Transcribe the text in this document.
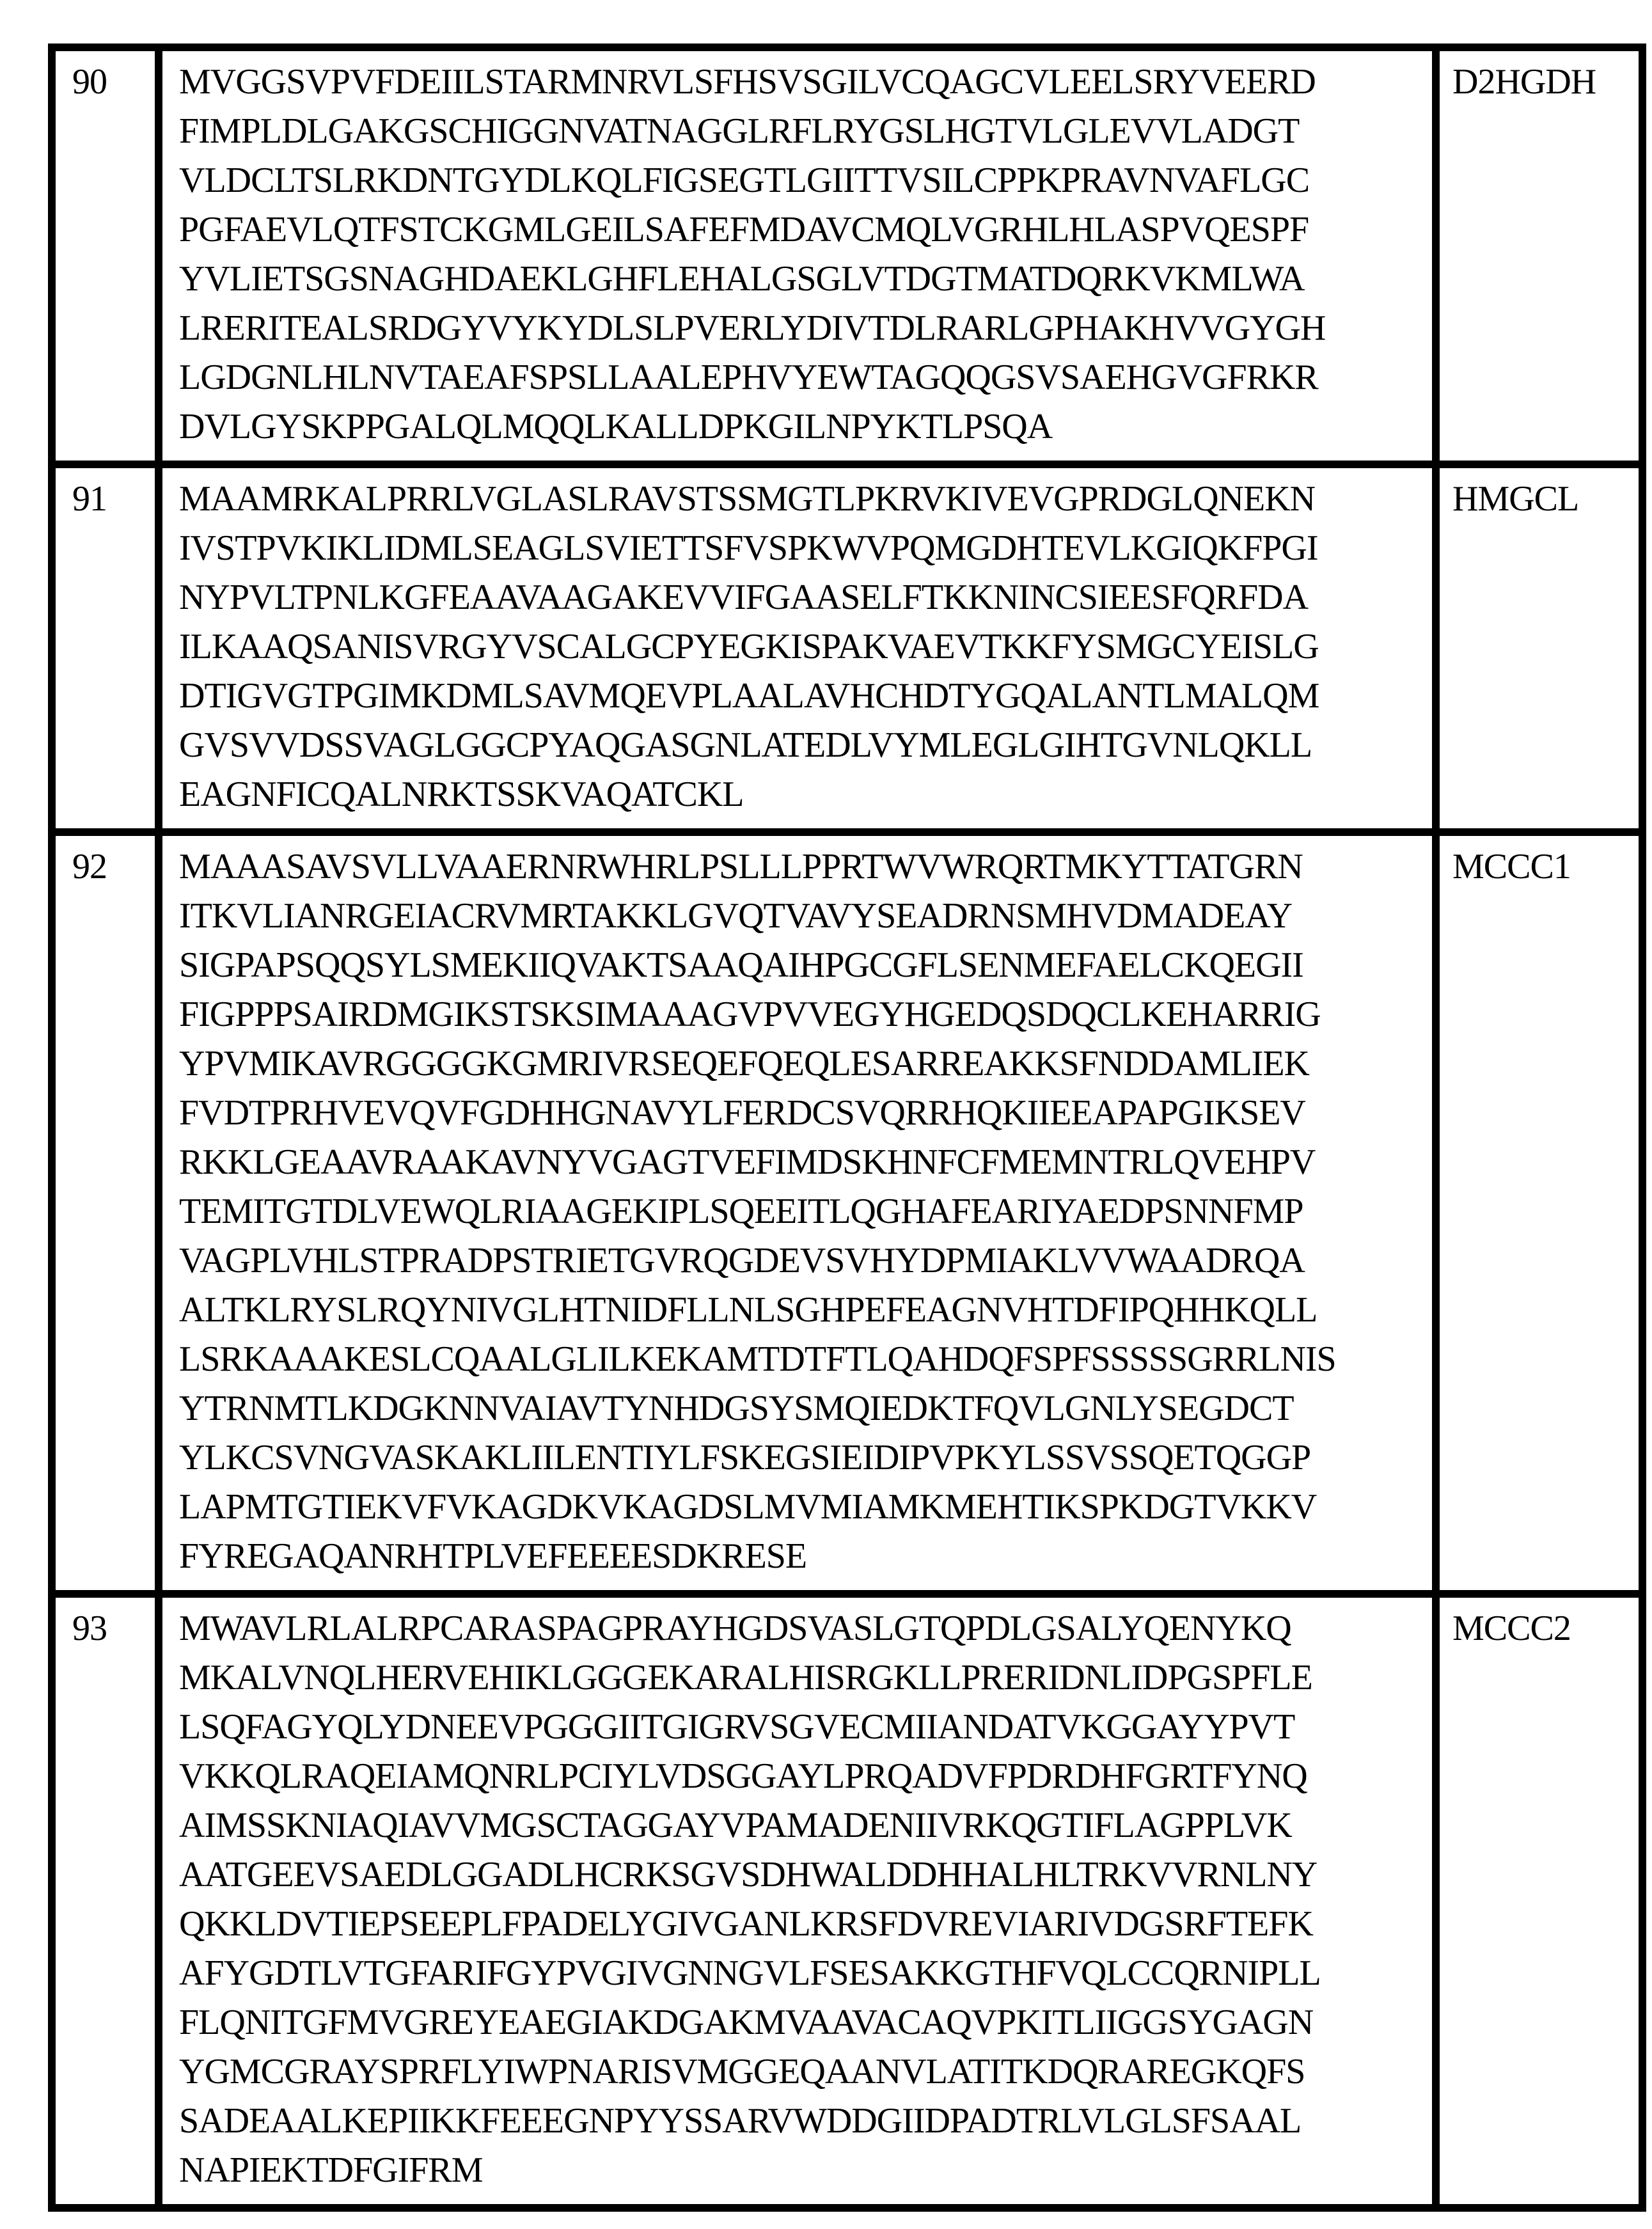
90	MVGGSVPVFDEIILSTARMNRVLSFHSVSGILVCQAGCVLEELSRYVEERD
FIMPLDLGAKGSCHIGGNVATNAGGLRFLRYGSLHGTVLGLEVVLADGT
VLDCLTSLRKDNTGYDLKQLFIGSEGTLGIITTVSILCPPKPRAVNVAFLGC
PGFAEVLQTFSTCKGMLGEILSAFEFMDAVCMQLVGRHLHLASPVQESPF
YVLIETSGSNAGHDAEKLGHFLEHALGSGLVTDGTMATDQRKVKMLWA
LRERITEALSRDGYVYKYDLSLPVERLYDIVTDLRARLGPHAKHVVGYGH
LGDGNLHLNVTAEAFSPSLLAALEPHVYEWTAGQQGSVSAEHGVGFRKR
DVLGYSKPPGALQLMQQLKALLDPKGILNPYKTLPSQA	D2HGDH
91	MAAMRKALPRRLVGLASLRAVSTSSMGTLPKRVKIVEVGPRDGLQNEKN
IVSTPVKIKLIDMLSEAGLSVIETTSFVSPKWVPQMGDHTEVLKGIQKFPGI
NYPVLTPNLKGFEAAVAAGAKEVVIFGAASELFTKKNINCSIEESFQRFDA
ILKAAQSANISVRGYVSCALGCPYEGKISPAKVAEVTKKFYSMGCYEISLG
DTIGVGTPGIMKDMLSAVMQEVPLAALAVHCHDTYGQALANTLMALQM
GVSVVDSSVAGLGGCPYAQGASGNLATEDLVYMLEGLGIHTGVNLQKLL
EAGNFICQALNRKTSSKVAQATCKL	HMGCL
92	MAAASAVSVLLVAAERNRWHRLPSLLLPPRTWVWRQRTMKYTTATGRN
ITKVLIANRGEIACRVMRTAKKLGVQTVAVYSEADRNSMHVDMADEAY
SIGPAPSQQSYLSMEKIIQVAKTSAAQAIHPGCGFLSENMEFAELCKQEGII
FIGPPPSAIRDMGIKSTSKSIMAAAGVPVVEGYHGEDQSDQCLKEHARRIG
YPVMIKAVRGGGGKGMRIVRSEQEFQEQLESARREAKKSFNDDAMLIEK
FVDTPRHVEVQVFGDHHGNAVYLFERDCSVQRRHQKIIEEAPAPGIKSEV
RKKLGEAAVRAAKAVNYVGAGTVEFIMDSKHNFCFMEMNTRLQVEHPV
TEMITGTDLVEWQLRIAAGEKIPLSQEEITLQGHAFEARIYAEDPSNNFMP
VAGPLVHLSTPRADPSTRIETGVRQGDEVSVHYDPMIAKLVVWAADRQA
ALTKLRYSLRQYNIVGLHTNIDFLLNLSGHPEFEAGNVHTDFIPQHHKQLL
LSRKAAAKESLCQAALGLILKEKAMTDTFTLQAHDQFSPFSSSSSGRRLNIS
YTRNMTLKDGKNNVAIAVTYNHDGSYSMQIEDKTFQVLGNLYSEGDCT
YLKCSVNGVASKAKLIILENTIYLFSKEGSIEIDIPVPKYLSSVSSQETQGGP
LAPMTGTIEKVFVKAGDKVKAGDSLMVMIAMKMEHTIKSPKDGTVKKV
FYREGAQANRHTPLVEFEEEESDKRESE	MCCC1
93	MWAVLRLALRPCARASPAGPRAYHGDSVASLGTQPDLGSALYQENYKQ
MKALVNQLHERVEHIKLGGGEKARALHISRGKLLPRERIDNLIDPGSPFLE
LSQFAGYQLYDNEEVPGGGIITGIGRVSGVECMIIANDATVKGGAYYPVT
VKKQLRAQEIAMQNRLPCIYLVDSGGAYLPRQADVFPDRDHFGRTFYNQ
AIMSSKNIAQIAVVMGSCTAGGAYVPAMADENIIVRKQGTIFLAGPPLVK
AATGEEVSAEDLGGADLHCRKSGVSDHWALDDHHALHLTRKVVRNLNY
QKKLDVTIEPSEEPLFPADELYGIVGANLKRSFDVREVIARIVDGSRFTEFK
AFYGDTLVTGFARIFGYPVGIVGNNGVLFSESAKKGTHFVQLCCQRNIPLL
FLQNITGFMVGREYEAEGIAKDGAKMVAAVACAQVPKITLIIGGSYGAGN
YGMCGRAYSPRFLYIWPNARISVMGGEQAANVLATITKDQRAREGKQFS
SADEAALKEPIIKKFEEEGNPYYSSARVWDDGIIDPADTRLVLGLSFSAAL
NAPIEKTDFGIFRM	MCCC2
